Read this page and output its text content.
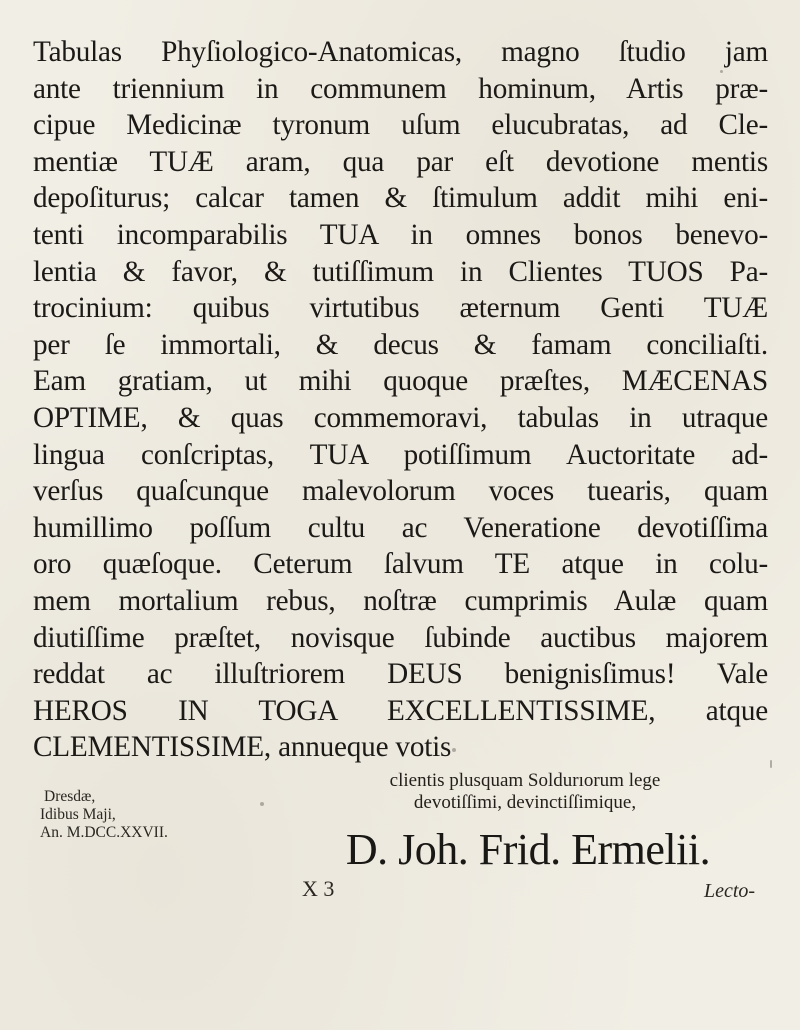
Tabulas Phyſiologico-Anatomicas, magno ſtudio jam
ante triennium in communem hominum, Artis præ-
cipue Medicinæ tyronum uſum elucubratas, ad Cle-
mentiæ TUÆ aram, qua par eſt devotione mentis
depoſiturus; calcar tamen & ſtimulum addit mihi eni-
tenti incomparabilis TUA in omnes bonos benevo-
lentia & favor, & tutiſſimum in Clientes TUOS Pa-
trocinium: quibus virtutibus æternum Genti TUÆ
per ſe immortali, & decus & famam conciliaſti.
Eam gratiam, ut mihi quoque præſtes, MÆCENAS
OPTIME, & quas commemoravi, tabulas in utraque
lingua conſcriptas, TUA potiſſimum Auctoritate ad-
verſus quaſcunque malevolorum voces tuearis, quam
humillimo poſſum cultu ac Veneratione devotiſſima
oro quæſoque. Ceterum ſalvum TE atque in colu-
mem mortalium rebus, noſtræ cumprimis Aulæ quam
diutiſſime præſtet, novisque ſubinde auctibus majorem
reddat ac illuſtriorem DEUS benignisſimus! Vale
HEROS IN TOGA EXCELLENTISSIME, atque
CLEMENTISSIME, annueque votis
Dresdæ,
Idibus Maji,
An. M.DCC.XXVII.
clientis plusquam Soldurıorum lege
devotiſſimi, devinctiſſimique,
D. Joh. Frid. Ermelii.
X 3	Lecto-
